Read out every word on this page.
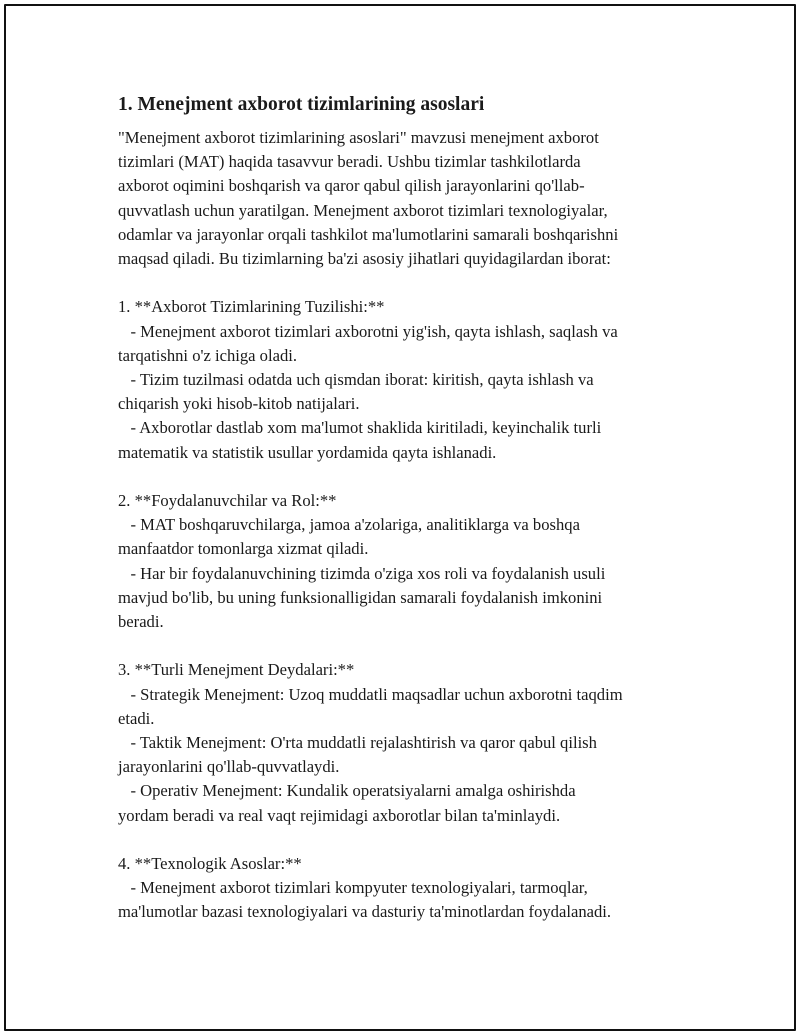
1. Menejment axborot tizimlarining asoslari
"Menejment axborot tizimlarining asoslari" mavzusi menejment axborot
tizimlari (MAT) haqida tasavvur beradi. Ushbu tizimlar tashkilotlarda
axborot oqimini boshqarish va qaror qabul qilish jarayonlarini qo'llab-
quvvatlash uchun yaratilgan. Menejment axborot tizimlari texnologiyalar,
odamlar va jarayonlar orqali tashkilot ma'lumotlarini samarali boshqarishni
maqsad qiladi. Bu tizimlarning ba'zi asosiy jihatlari quyidagilardan iborat:
1. **Axborot Tizimlarining Tuzilishi:**
- Menejment axborot tizimlari axborotni yig'ish, qayta ishlash, saqlash va
tarqatishni o'z ichiga oladi.
- Tizim tuzilmasi odatda uch qismdan iborat: kiritish, qayta ishlash va
chiqarish yoki hisob-kitob natijalari.
- Axborotlar dastlab xom ma'lumot shaklida kiritiladi, keyinchalik turli
matematik va statistik usullar yordamida qayta ishlanadi.
2. **Foydalanuvchilar va Rol:**
- MAT boshqaruvchilarga, jamoa a'zolariga, analitiklarga va boshqa
manfaatdor tomonlarga xizmat qiladi.
- Har bir foydalanuvchining tizimda o'ziga xos roli va foydalanish usuli
mavjud bo'lib, bu uning funksionalligidan samarali foydalanish imkonini
beradi.
3. **Turli Menejment Deydalari:**
- Strategik Menejment: Uzoq muddatli maqsadlar uchun axborotni taqdim
etadi.
- Taktik Menejment: O'rta muddatli rejalashtirish va qaror qabul qilish
jarayonlarini qo'llab-quvvatlaydi.
- Operativ Menejment: Kundalik operatsiyalarni amalga oshirishda
yordam beradi va real vaqt rejimidagi axborotlar bilan ta'minlaydi.
4. **Texnologik Asoslar:**
- Menejment axborot tizimlari kompyuter texnologiyalari, tarmoqlar,
ma'lumotlar bazasi texnologiyalari va dasturiy ta'minotlardan foydalanadi.
